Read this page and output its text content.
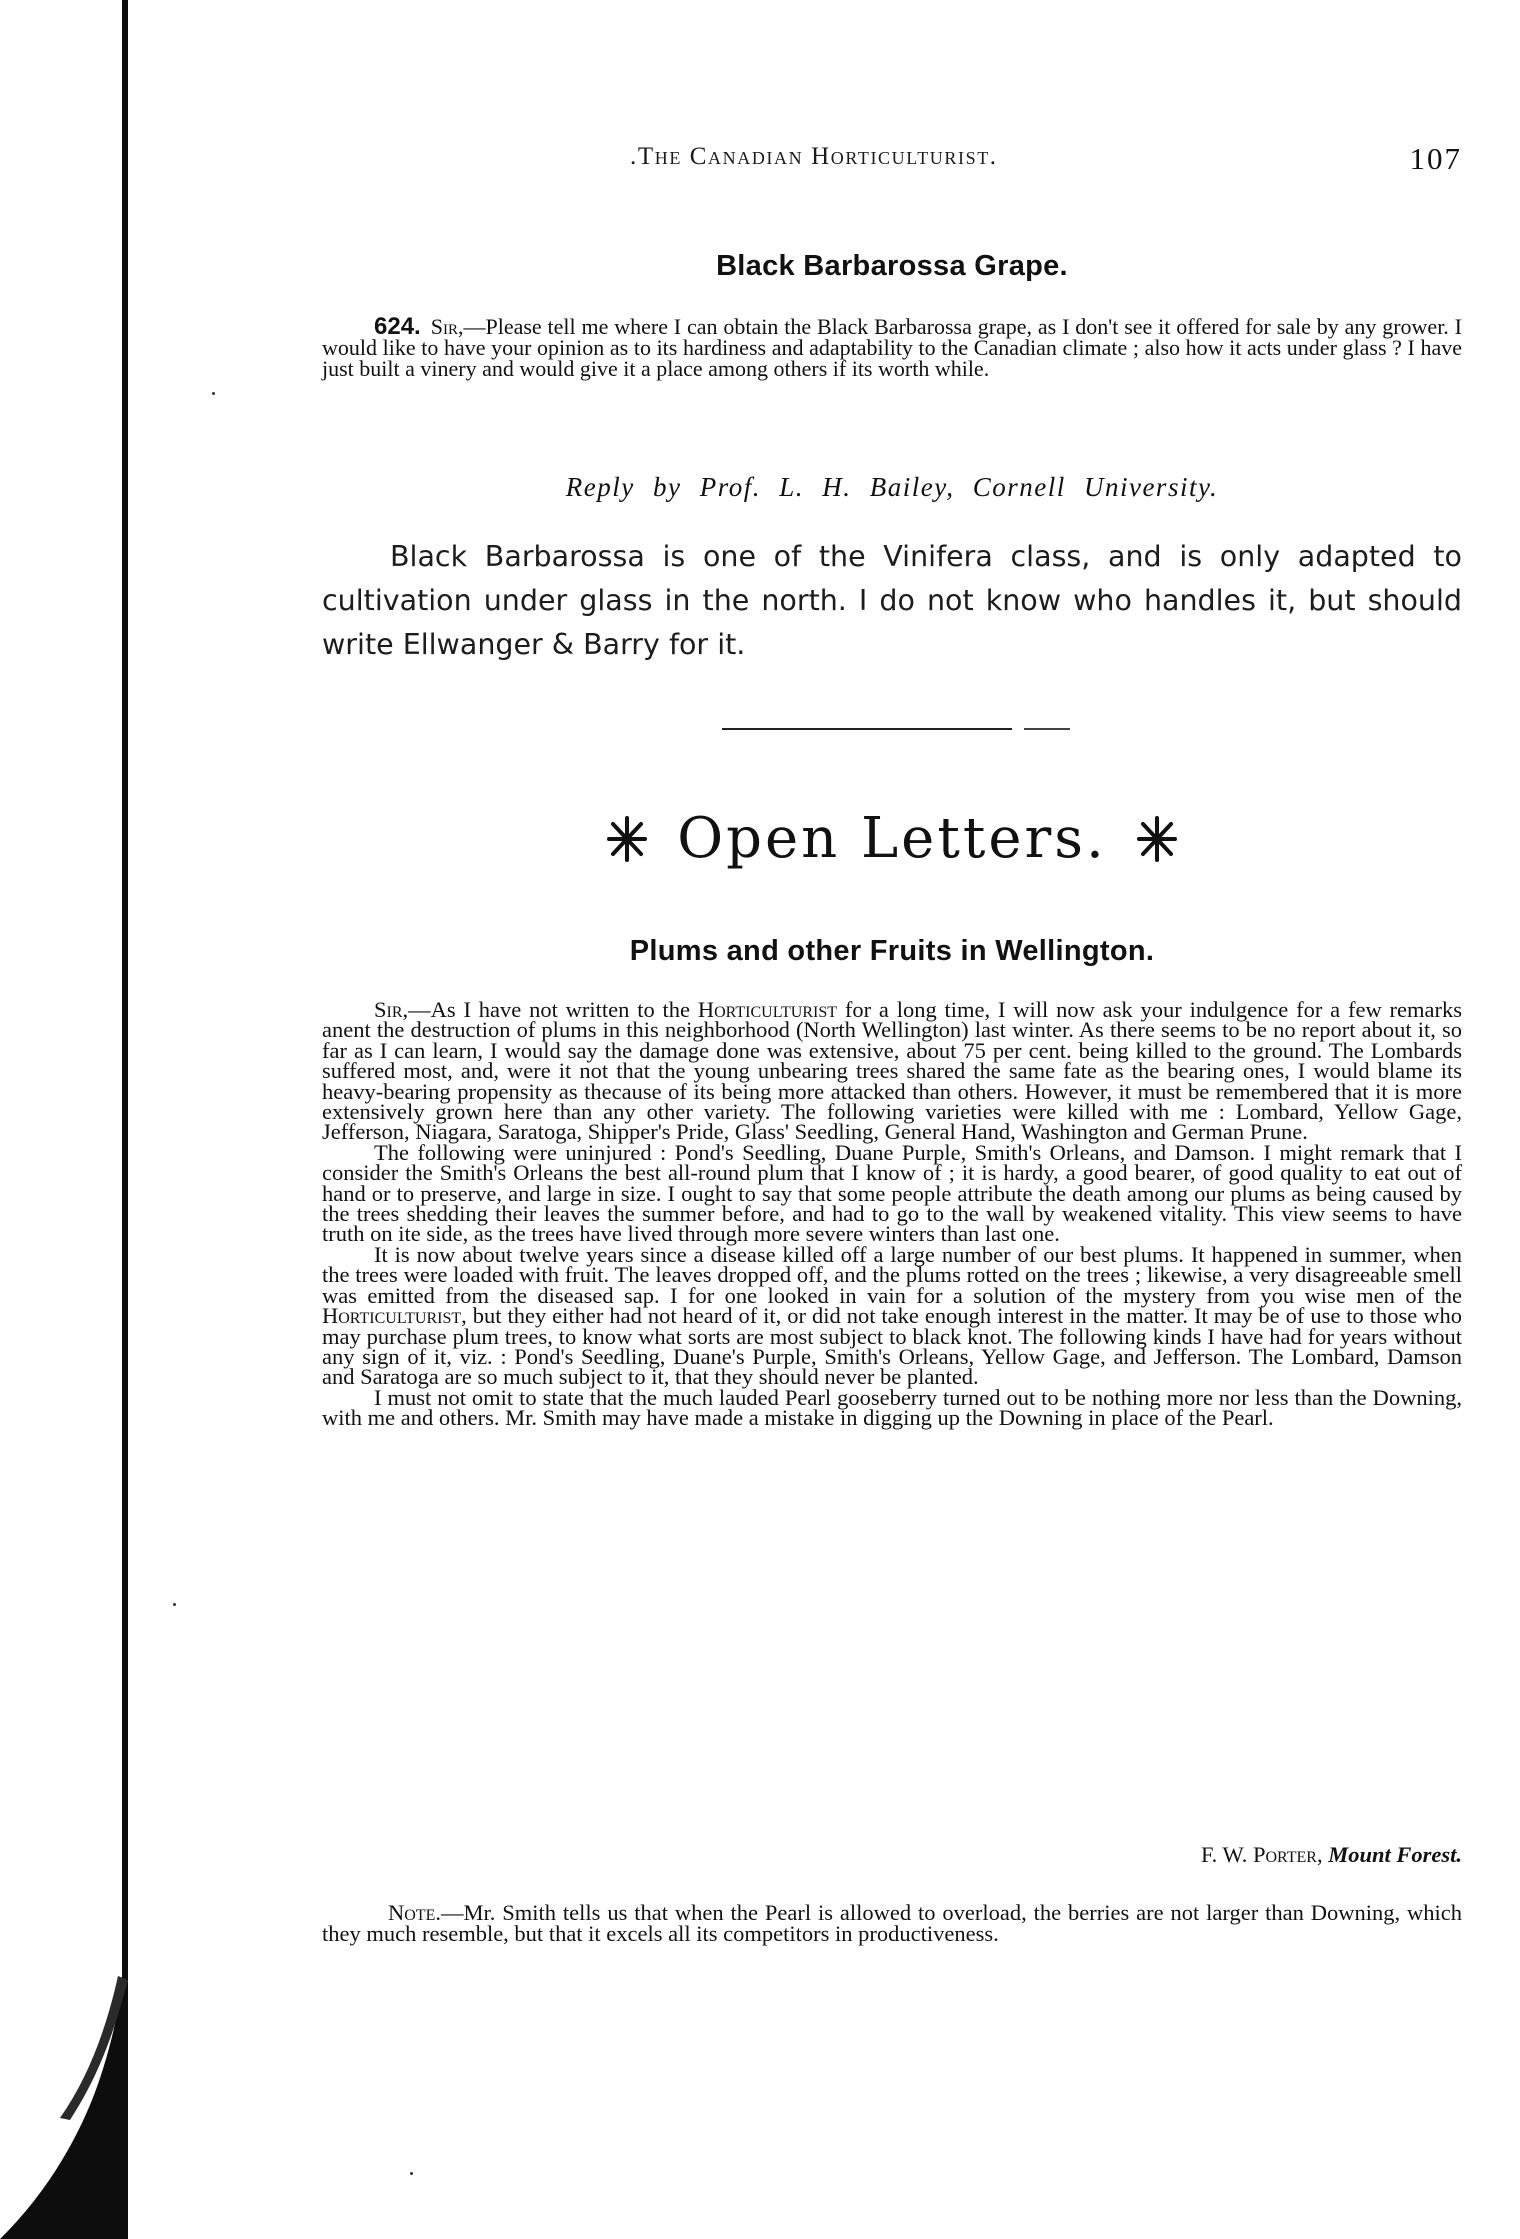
.The Canadian Horticulturist.	107
Black Barbarossa Grape.

624. Sir,—Please tell me where I can obtain the Black Barbarossa grape, as I don't see it offered for sale by any grower. I would like to have your opinion as to its hardiness and adaptability to the Canadian climate ; also how it acts under glass ? I have just built a vinery and would give it a place among others if its worth while.

Reply by Prof. L. H. Bailey, Cornell University.

Black Barbarossa is one of the Vinifera class, and is only adapted to cultivation under glass in the north. I do not know who handles it, but should write Ellwanger & Barry for it.

Open Letters.
Plums and other Fruits in Wellington.

Sir,—As I have not written to the Horticulturist for a long time, I will now ask your indulgence for a few remarks anent the destruction of plums in this neighborhood (North Wellington) last winter. As there seems to be no report about it, so far as I can learn, I would say the damage done was extensive, about 75 per cent. being killed to the ground. The Lombards suffered most, and, were it not that the young unbearing trees shared the same fate as the bearing ones, I would blame its heavy-bearing propensity as thecause of its being more attacked than others. However, it must be remembered that it is more extensively grown here than any other variety. The following varieties were killed with me : Lombard, Yellow Gage, Jefferson, Niagara, Saratoga, Shipper's Pride, Glass' Seedling, General Hand, Washington and German Prune.

The following were uninjured : Pond's Seedling, Duane Purple, Smith's Orleans, and Damson. I might remark that I consider the Smith's Orleans the best all-round plum that I know of ; it is hardy, a good bearer, of good quality to eat out of hand or to preserve, and large in size. I ought to say that some people attribute the death among our plums as being caused by the trees shedding their leaves the summer before, and had to go to the wall by weakened vitality. This view seems to have truth on ite side, as the trees have lived through more severe winters than last one.

It is now about twelve years since a disease killed off a large number of our best plums. It happened in summer, when the trees were loaded with fruit. The leaves dropped off, and the plums rotted on the trees ; likewise, a very disagreeable smell was emitted from the diseased sap. I for one looked in vain for a solution of the mystery from you wise men of the Horticulturist, but they either had not heard of it, or did not take enough interest in the matter. It may be of use to those who may purchase plum trees, to know what sorts are most subject to black knot. The following kinds I have had for years without any sign of it, viz. : Pond's Seedling, Duane's Purple, Smith's Orleans, Yellow Gage, and Jefferson. The Lombard, Damson and Saratoga are so much subject to it, that they should never be planted.

I must not omit to state that the much lauded Pearl gooseberry turned out to be nothing more nor less than the Downing, with me and others. Mr. Smith may have made a mistake in digging up the Downing in place of the Pearl.

F. W. Porter, Mount Forest.

Note.—Mr. Smith tells us that when the Pearl is allowed to overload, the berries are not larger than Downing, which they much resemble, but that it excels all its competitors in productiveness.
